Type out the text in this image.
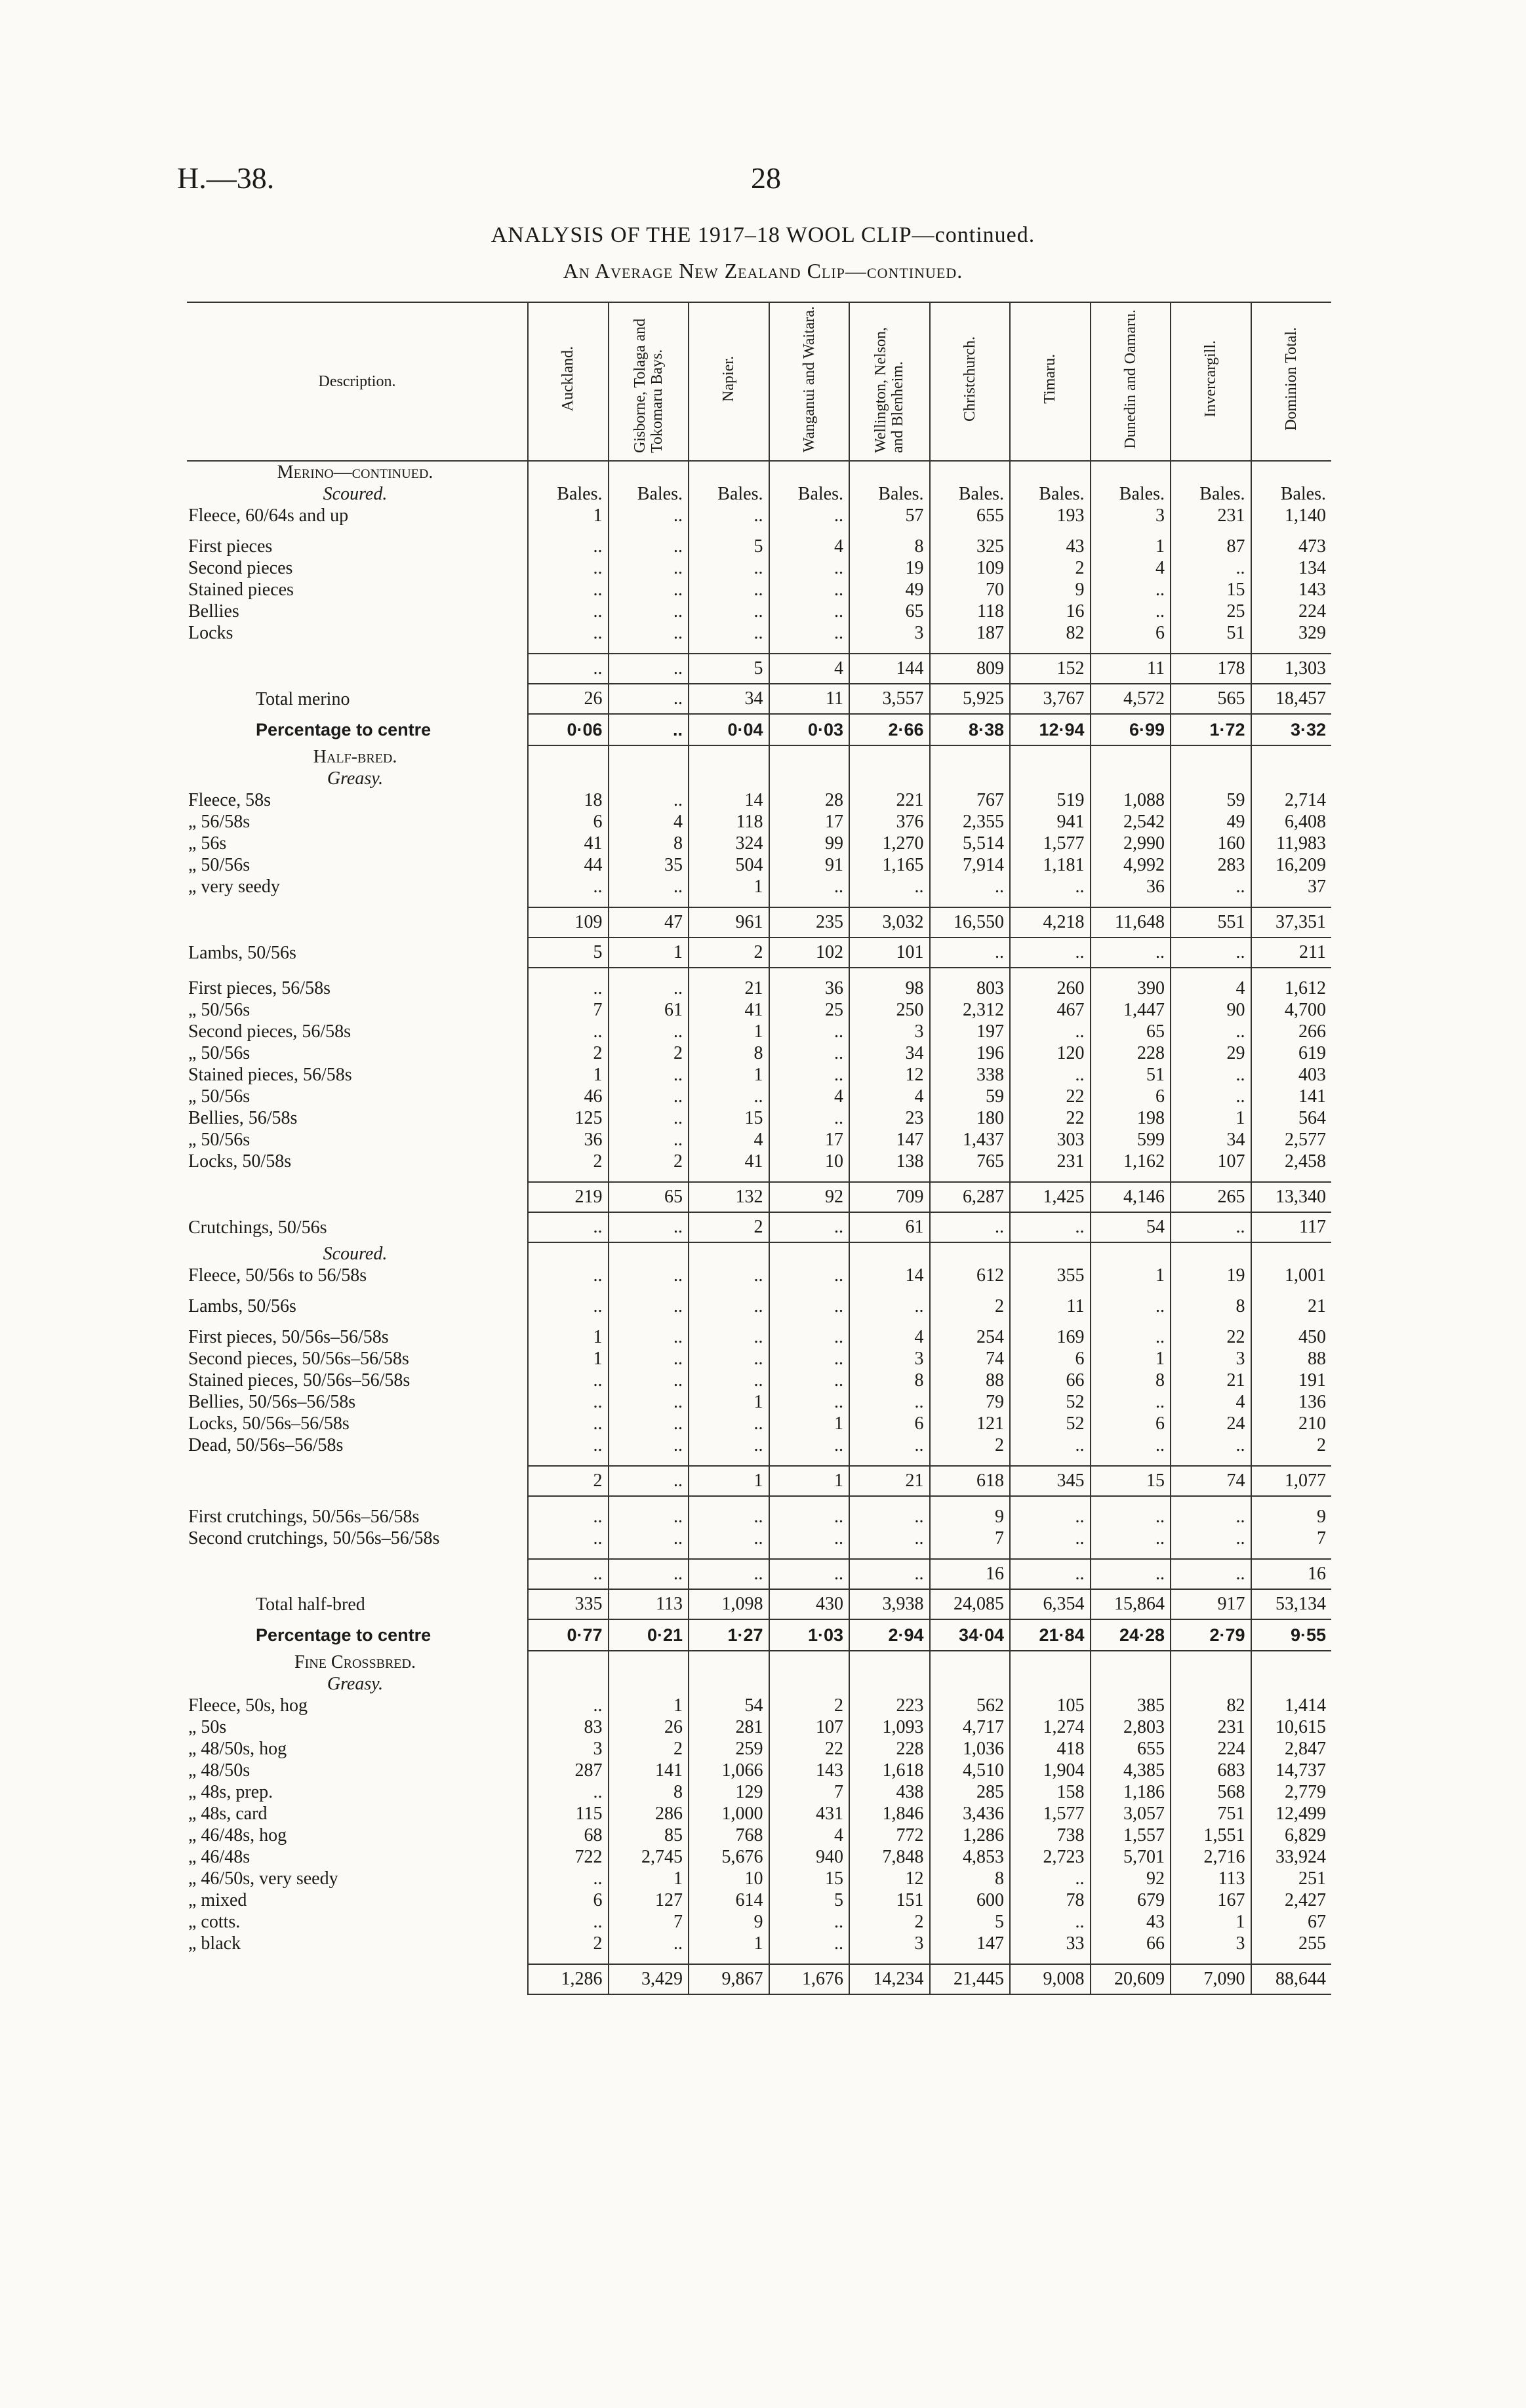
H.—38.	28
ANALYSIS OF THE 1917–18 WOOL CLIP—continued.
An Average New Zealand Clip—continued.
Description.	Auckland.	Gisborne, Tolaga and Tokomaru Bays.	Napier.	Wanganui and Waitara.	Wellington, Nelson, and Blenheim.	Christchurch.	Timaru.	Dunedin and Oamaru.	Invercargill.	Dominion Total.
Merino—continued.										
Scoured.	Bales.	Bales.	Bales.	Bales.	Bales.	Bales.	Bales.	Bales.	Bales.	Bales.
Fleece, 60/64s and up	1	..	..	..	57	655	193	3	231	1,140

First pieces	..	..	5	4	8	325	43	1	87	473
Second pieces	..	..	..	..	19	109	2	4	..	134
Stained pieces	..	..	..	..	49	70	9	..	15	143
Bellies	..	..	..	..	65	118	16	..	25	224
Locks	..	..	..	..	3	187	82	6	51	329

	..	..	5	4	144	809	152	11	178	1,303
Total merino	26	..	34	11	3,557	5,925	3,767	4,572	565	18,457
Percentage to centre	0·06	..	0·04	0·03	2·66	8·38	12·94	6·99	1·72	3·32
Half-bred.										
Greasy.										
Fleece, 58s	18	..	14	28	221	767	519	1,088	59	2,714
„ 56/58s	6	4	118	17	376	2,355	941	2,542	49	6,408
„ 56s	41	8	324	99	1,270	5,514	1,577	2,990	160	11,983
„ 50/56s	44	35	504	91	1,165	7,914	1,181	4,992	283	16,209
„ very seedy	..	..	1	..	..	..	..	36	..	37

	109	47	961	235	3,032	16,550	4,218	11,648	551	37,351
Lambs, 50/56s	5	1	2	102	101	..	..	..	..	211

First pieces, 56/58s	..	..	21	36	98	803	260	390	4	1,612
„ 50/56s	7	61	41	25	250	2,312	467	1,447	90	4,700
Second pieces, 56/58s	..	..	1	..	3	197	..	65	..	266
„ 50/56s	2	2	8	..	34	196	120	228	29	619
Stained pieces, 56/58s	1	..	1	..	12	338	..	51	..	403
„ 50/56s	46	..	..	4	4	59	22	6	..	141
Bellies, 56/58s	125	..	15	..	23	180	22	198	1	564
„ 50/56s	36	..	4	17	147	1,437	303	599	34	2,577
Locks, 50/58s	2	2	41	10	138	765	231	1,162	107	2,458

	219	65	132	92	709	6,287	1,425	4,146	265	13,340
Crutchings, 50/56s	..	..	2	..	61	..	..	54	..	117
Scoured.										
Fleece, 50/56s to 56/58s	..	..	..	..	14	612	355	1	19	1,001

Lambs, 50/56s	..	..	..	..	..	2	11	..	8	21

First pieces, 50/56s–56/58s	1	..	..	..	4	254	169	..	22	450
Second pieces, 50/56s–56/58s	1	..	..	..	3	74	6	1	3	88
Stained pieces, 50/56s–56/58s	..	..	..	..	8	88	66	8	21	191
Bellies, 50/56s–56/58s	..	..	1	..	..	79	52	..	4	136
Locks, 50/56s–56/58s	..	..	..	1	6	121	52	6	24	210
Dead, 50/56s–56/58s	..	..	..	..	..	2	..	..	..	2

	2	..	1	1	21	618	345	15	74	1,077

First crutchings, 50/56s–56/58s	..	..	..	..	..	9	..	..	..	9
Second crutchings, 50/56s–56/58s	..	..	..	..	..	7	..	..	..	7

	..	..	..	..	..	16	..	..	..	16
Total half-bred	335	113	1,098	430	3,938	24,085	6,354	15,864	917	53,134
Percentage to centre	0·77	0·21	1·27	1·03	2·94	34·04	21·84	24·28	2·79	9·55
Fine Crossbred.										
Greasy.										
Fleece, 50s, hog	..	1	54	2	223	562	105	385	82	1,414
„ 50s	83	26	281	107	1,093	4,717	1,274	2,803	231	10,615
„ 48/50s, hog	3	2	259	22	228	1,036	418	655	224	2,847
„ 48/50s	287	141	1,066	143	1,618	4,510	1,904	4,385	683	14,737
„ 48s, prep.	..	8	129	7	438	285	158	1,186	568	2,779
„ 48s, card	115	286	1,000	431	1,846	3,436	1,577	3,057	751	12,499
„ 46/48s, hog	68	85	768	4	772	1,286	738	1,557	1,551	6,829
„ 46/48s	722	2,745	5,676	940	7,848	4,853	2,723	5,701	2,716	33,924
„ 46/50s, very seedy	..	1	10	15	12	8	..	92	113	251
„ mixed	6	127	614	5	151	600	78	679	167	2,427
„ cotts.	..	7	9	..	2	5	..	43	1	67
„ black	2	..	1	..	3	147	33	66	3	255

	1,286	3,429	9,867	1,676	14,234	21,445	9,008	20,609	7,090	88,644
